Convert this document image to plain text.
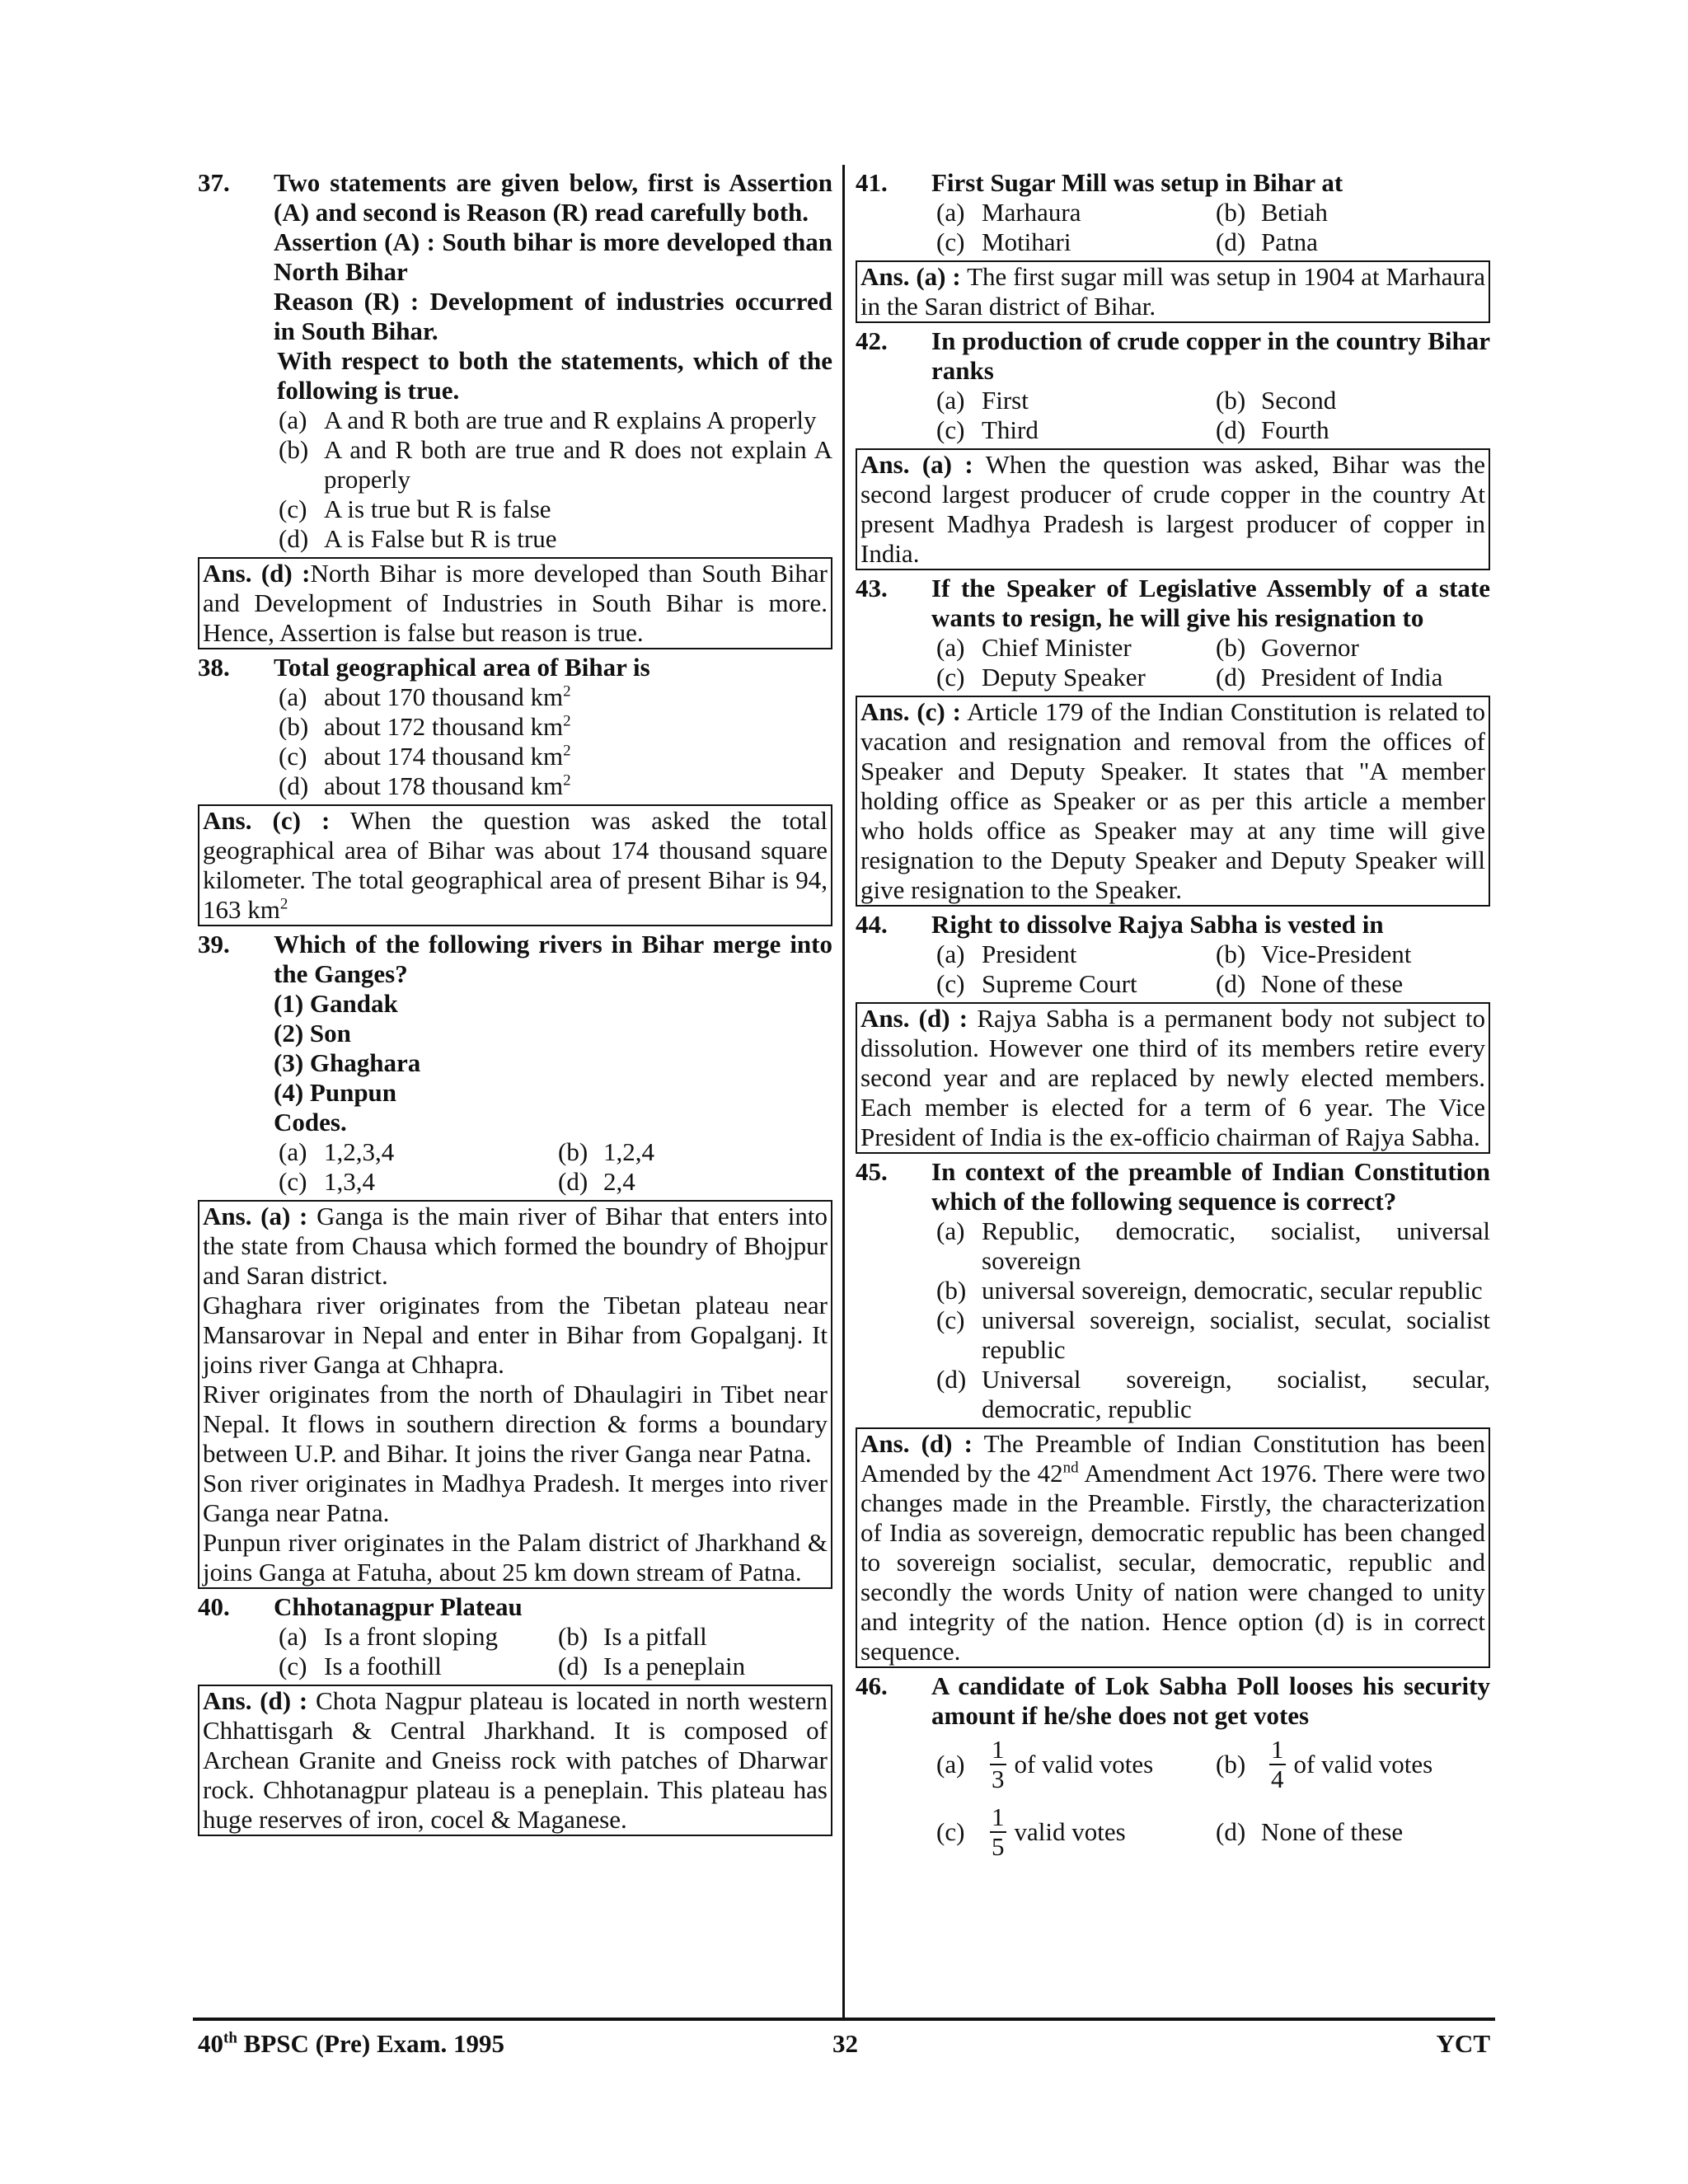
37.	Two statements are given below, first is Assertion (A) and second is Reason (R) read carefully both.
Assertion (A) : South bihar is more developed than North Bihar
Reason (R) : Development of industries occurred in South Bihar.
With respect to both the statements, which of the following is true.
(a) A and R both are true and R explains A properly
(b) A and R both are true and R does not explain A properly
(c) A is true but R is false
(d) A is False but R is true
Ans. (d) :North Bihar is more developed than South Bihar and Development of Industries in South Bihar is more. Hence, Assertion is false but reason is true.
38.	Total geographical area of Bihar is
(a) about 170 thousand $km^2$
(b) about 172 thousand $km^2$
(c) about 174 thousand $km^2$
(d) about 178 thousand $km^2$
Ans. (c) : When the question was asked the total geographical area of Bihar was about 174 thousand square kilometer. The total geographical area of present Bihar is 94, 163 $km^2$
39.	Which of the following rivers in Bihar merge into the Ganges?
(1) Gandak
(2) Son
(3) Ghaghara
(4) Punpun
Codes.
(a) 1,2,3,4	(b) 1,2,4
(c) 1,3,4	(d) 2,4

Ans. (a) : Ganga is the main river of Bihar that enters into the state from Chausa which formed the boundry of Bhojpur and Saran district.

Ghaghara river originates from the Tibetan plateau near Mansarovar in Nepal and enter in Bihar from Gopalganj. It joins river Ganga at Chhapra.

River originates from the north of Dhaulagiri in Tibet near Nepal. It flows in southern direction & forms a boundary between U.P. and Bihar. It joins the river Ganga near Patna.

Son river originates in Madhya Pradesh. It merges into river Ganga near Patna.

Punpun river originates in the Palam district of Jharkhand & joins Ganga at Fatuha, about 25 km down stream of Patna.

40.	Chhotanagpur Plateau
(a) Is a front sloping (b) Is a pitfall
(c) Is a foothill	(d) Is a peneplain
Ans. (d) : Chota Nagpur plateau is located in north western Chhattisgarh & Central Jharkhand. It is composed of Archean Granite and Gneiss rock with patches of Dharwar rock. Chhotanagpur plateau is a peneplain. This plateau has huge reserves of iron, cocel & Maganese.
41.	First Sugar Mill was setup in Bihar at
(a) Marhaura	(b) Betiah
(c) Motihari	(d) Patna
Ans. (a) : The first sugar mill was setup in 1904 at Marhaura in the Saran district of Bihar.
42.	In production of crude copper in the country Bihar ranks
(a) First	(b) Second
(c) Third	(d) Fourth
Ans. (a) : When the question was asked, Bihar was the second largest producer of crude copper in the country At present Madhya Pradesh is largest producer of copper in India.
43.	If the Speaker of Legislative Assembly of a state wants to resign, he will give his resignation to
(a) Chief Minister	(b) Governor
(c) Deputy Speaker	(d) President of India
Ans. (c) : Article 179 of the Indian Constitution is related to vacation and resignation and removal from the offices of Speaker and Deputy Speaker. It states that "A member holding office as Speaker or as per this article a member who holds office as Speaker may at any time will give resignation to the Deputy Speaker and Deputy Speaker will give resignation to the Speaker.
44.	Right to dissolve Rajya Sabha is vested in
(a) President	(b) Vice-President
(c) Supreme Court	(d) None of these
Ans. (d) : Rajya Sabha is a permanent body not subject to dissolution. However one third of its members retire every second year and are replaced by newly elected members. Each member is elected for a term of 6 year. The Vice President of India is the ex-officio chairman of Rajya Sabha.
45.	In context of the preamble of Indian Constitution which of the following sequence is correct?
(a) Republic, democratic, socialist, universal sovereign
(b) universal sovereign, democratic, secular republic
(c) universal sovereign, socialist, seculat, socialist republic
(d) Universal sovereign, socialist, secular, democratic, republic
Ans. (d) : The Preamble of Indian Constitution has been Amended by the 42nd Amendment Act 1976. There were two changes made in the Preamble. Firstly, the characterization of India as sovereign, democratic republic has been changed to sovereign socialist, secular, democratic, republic and secondly the words Unity of nation were changed to unity and integrity of the nation. Hence option (d) is in correct sequence.
46.	A candidate of Lok Sabha Poll looses his security amount if he/she does not get votes
$(a) \frac{1}{3}$ of valid votes $(b) \frac{1}{4}$ of valid votes
$(c) \frac{1}{5}$ valid votes	(d) None of these
40th BPSC (Pre) Exam. 1995	32	YCT
